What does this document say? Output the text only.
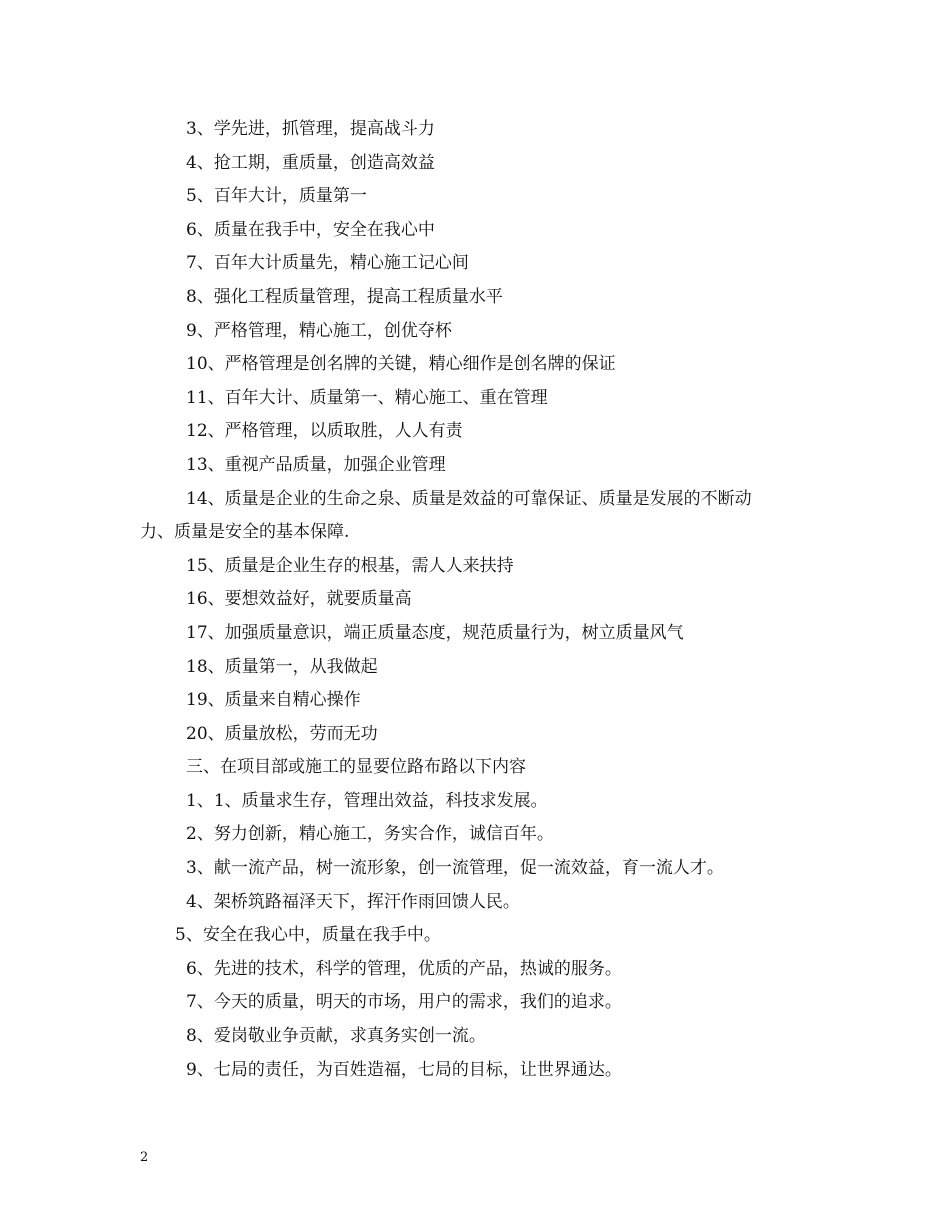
3、学先进，抓管理，提高战斗力

4、抢工期，重质量，创造高效益

5、百年大计，质量第一

6、质量在我手中，安全在我心中

7、百年大计质量先，精心施工记心间

8、强化工程质量管理，提高工程质量水平

9、严格管理，精心施工，创优夺杯

10、严格管理是创名牌的关键，精心细作是创名牌的保证

11、百年大计、质量第一、精心施工、重在管理

12、严格管理，以质取胜，人人有责

13、重视产品质量，加强企业管理

14、质量是企业的生命之泉、质量是效益的可靠保证、质量是发展的不断动

力、质量是安全的基本保障.

15、质量是企业生存的根基，需人人来扶持

16、要想效益好，就要质量高

17、加强质量意识，端正质量态度，规范质量行为，树立质量风气

18、质量第一，从我做起

19、质量来自精心操作

20、质量放松，劳而无功

三、在项目部或施工的显要位路布路以下内容

1、1、质量求生存，管理出效益，科技求发展。

2、努力创新，精心施工，务实合作，诚信百年。

3、献一流产品，树一流形象，创一流管理，促一流效益，育一流人才。

4、架桥筑路福泽天下，挥汗作雨回馈人民。

5、安全在我心中，质量在我手中。

6、先进的技术，科学的管理，优质的产品，热诚的服务。

7、今天的质量，明天的市场，用户的需求，我们的追求。

8、爱岗敬业争贡献，求真务实创一流。

9、七局的责任，为百姓造福，七局的目标，让世界通达。

2
